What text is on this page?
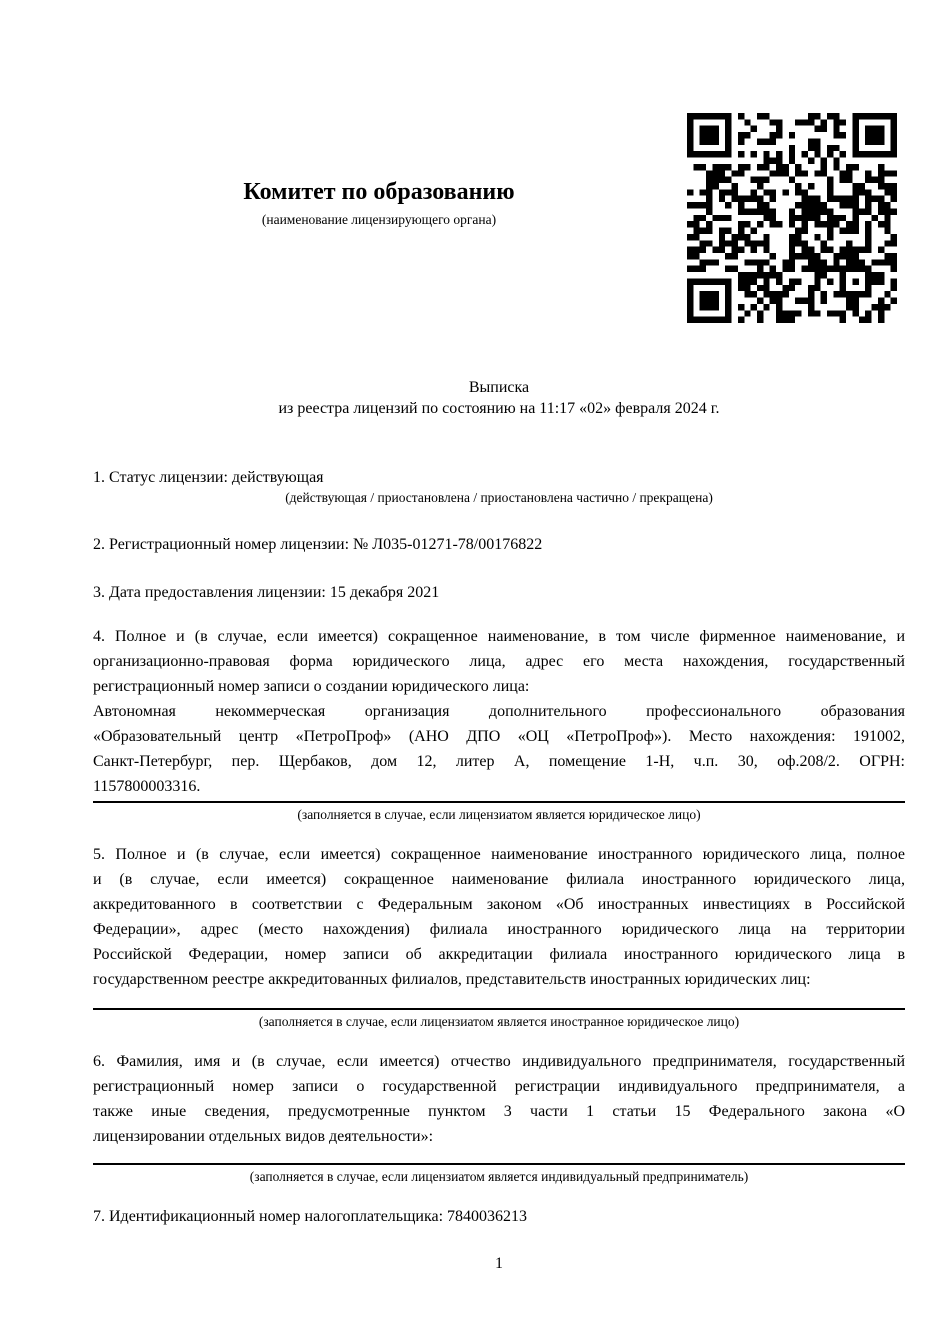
Комитет по образованию
(наименование лицензирующего органа)
Выписка
из реестра лицензий по состоянию на 11:17 «02» февраля 2024 г.
1. Статус лицензии: действующая
(действующая / приостановлена / приостановлена частично / прекращена)
2. Регистрационный номер лицензии: № Л035-01271-78/00176822
3. Дата предоставления лицензии: 15 декабря 2021
4. Полное и (в случае, если имеется) сокращенное наименование, в том числе фирменное наименование, и
организационно-правовая форма юридического лица, адрес его места нахождения, государственный
регистрационный номер записи о создании юридического лица:
Автономная некоммерческая организация дополнительного профессионального образования
«Образовательный центр «ПетроПроф» (АНО ДПО «ОЦ «ПетроПроф»). Место нахождения: 191002,
Санкт-Петербург, пер. Щербаков, дом 12, литер А, помещение 1-Н, ч.п. 30, оф.208/2. ОГРН:
1157800003316.
(заполняется в случае, если лицензиатом является юридическое лицо)
5. Полное и (в случае, если имеется) сокращенное наименование иностранного юридического лица, полное
и (в случае, если имеется) сокращенное наименование филиала иностранного юридического лица,
аккредитованного в соответствии с Федеральным законом «Об иностранных инвестициях в Российской
Федерации», адрес (место нахождения) филиала иностранного юридического лица на территории
Российской Федерации, номер записи об аккредитации филиала иностранного юридического лица в
государственном реестре аккредитованных филиалов, представительств иностранных юридических лиц:
(заполняется в случае, если лицензиатом является иностранное юридическое лицо)
6. Фамилия, имя и (в случае, если имеется) отчество индивидуального предпринимателя, государственный
регистрационный номер записи о государственной регистрации индивидуального предпринимателя, а
также иные сведения, предусмотренные пунктом 3 части 1 статьи 15 Федерального закона «О
лицензировании отдельных видов деятельности»:
(заполняется в случае, если лицензиатом является индивидуальный предприниматель)
7. Идентификационный номер налогоплательщика: 7840036213
1
